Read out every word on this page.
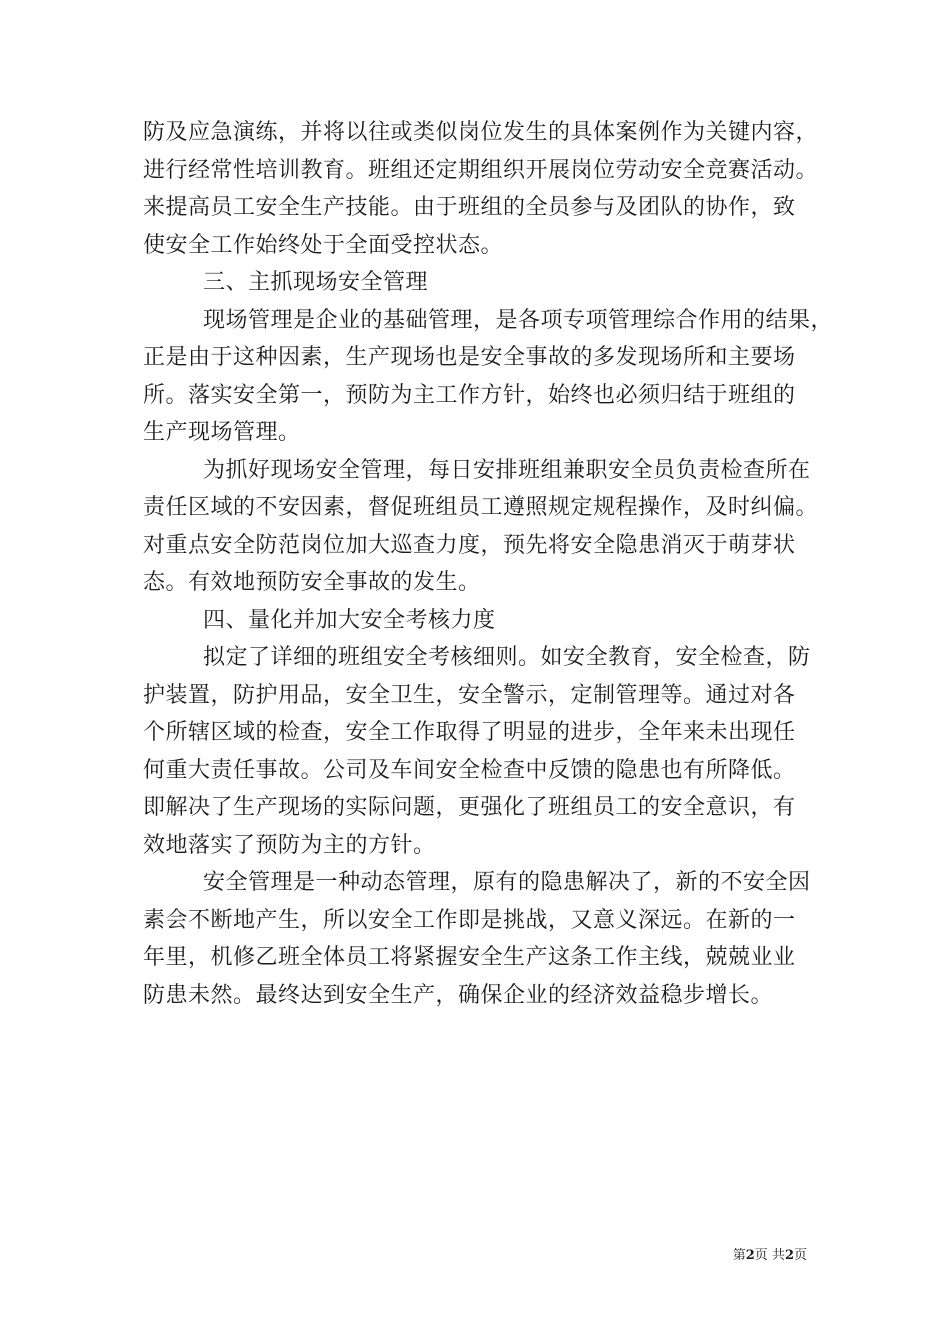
防及应急演练，并将以往或类似岗位发生的具体案例作为关键内容，
进行经常性培训教育。班组还定期组织开展岗位劳动安全竞赛活动。
来提高员工安全生产技能。由于班组的全员参与及团队的协作，致
使安全工作始终处于全面受控状态。
三、主抓现场安全管理
现场管理是企业的基础管理，是各项专项管理综合作用的结果，
正是由于这种因素，生产现场也是安全事故的多发现场所和主要场
所。落实安全第一，预防为主工作方针，始终也必须归结于班组的
生产现场管理。
为抓好现场安全管理，每日安排班组兼职安全员负责检查所在
责任区域的不安因素，督促班组员工遵照规定规程操作，及时纠偏。
对重点安全防范岗位加大巡查力度，预先将安全隐患消灭于萌芽状
态。有效地预防安全事故的发生。
四、量化并加大安全考核力度
拟定了详细的班组安全考核细则。如安全教育，安全检查，防
护装置，防护用品，安全卫生，安全警示，定制管理等。通过对各
个所辖区域的检查，安全工作取得了明显的进步，全年来未出现任
何重大责任事故。公司及车间安全检查中反馈的隐患也有所降低。
即解决了生产现场的实际问题，更强化了班组员工的安全意识，有
效地落实了预防为主的方针。
安全管理是一种动态管理，原有的隐患解决了，新的不安全因
素会不断地产生，所以安全工作即是挑战，又意义深远。在新的一
年里，机修乙班全体员工将紧握安全生产这条工作主线，兢兢业业
防患未然。最终达到安全生产，确保企业的经济效益稳步增长。
第2页 共2页
